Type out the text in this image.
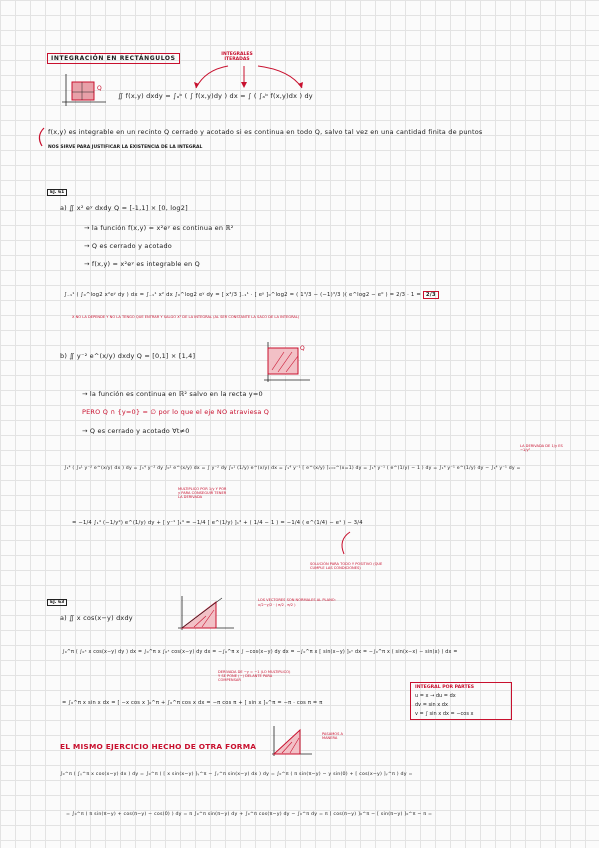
INTEGRACIÓN EN RECTÁNGULOS
INTEGRALES ITERADAS
Q
∬ f(x,y) dxdy = ∫ₐᵇ ( ∫ f(x,y)dy ) dx = ∫ ( ∫ₐᵇ f(x,y)dx ) dy
f(x,y) es integrable en un recinto Q cerrado y acotado si es continua en todo Q, salvo tal vez en una cantidad finita de puntos
NOS SIRVE PARA JUSTIFICAR LA EXISTENCIA DE LA INTEGRAL
EJ. 61
a) ∬ x² eʸ dxdy Q = [-1,1] × [0, log2]
→ la función f(x,y) = x²eʸ es continua en ℝ²
→ Q es cerrado y acotado
→ f(x,y) = x²eʸ es integrable en Q
∫₋₁¹ ( ∫₀^log2 x²eʸ dy ) dx = ∫₋₁¹ x² dx ∫₀^log2 eʸ dy = [ x³/3 ]₋₁¹ · [ eʸ ]₀^log2 = ( 1³/3 − (−1)³/3 )( e^log2 − e⁰ ) = 2/3 · 1 = 2/3
X NO LA DEPENDE Y NO LA TENGO QUE ENTRAR Y SALGO X² DE LA INTEGRAL (AL SER CONSTANTE LA SACO DE LA INTEGRAL)
b) ∬ y⁻² e^(x/y) dxdy Q = [0,1] × [1,4]
Q
→ la función es continua en ℝ² salvo en la recta y=0
PERO Q ∩ {y=0} = ∅ por lo que el eje NO atraviesa Q
→ Q es cerrado y acotado ∀t≠0
LA DERIVADA DE 1/y ES −1/y²
∫₁⁴ ( ∫₀¹ y⁻² e^(x/y) dx ) dy = ∫₁⁴ y⁻² dy ∫₀¹ e^(x/y) dx = ∫ y⁻² dy ∫₀¹ (1/y) e^(x/y) dx = ∫₁⁴ y⁻¹ [ e^(x/y) ]ₓ₌₀^(x=1) dy = ∫₁⁴ y⁻¹ ( e^(1/y) − 1 ) dy = ∫₁⁴ y⁻¹ e^(1/y) dy − ∫₁⁴ y⁻¹ dy =
MULTIPLICO POR 1/y Y POR y PARA CONSEGUIR TENER LA DERIVADA
= −1/4 ∫₁⁴ (−1/y²) e^(1/y) dy + [ y⁻¹ ]₁⁴ = −1/4 [ e^(1/y) ]₁⁴ + ( 1/4 − 1 ) = −1/4 ( e^(1/4) − e¹ ) − 3/4
SOLUCIÓN PARA TODO Y POSITIVO (QUE CUMPLE LAS CONDICIONES)
EJ. 63
a) ∬ x cos(x−y) dxdy
LOS VECTORES SON NORMALES AL PLANO: x/2−y/2 · ( π/2 , π/2 )
∫₀^π ( ∫₀ˣ x cos(x−y) dy ) dx = ∫₀^π x ∫₀ˣ cos(x−y) dy dx = −∫₀^π x ∫ −cos(x−y) dy dx = −∫₀^π x [ sin(x−y) ]₀ˣ dx = −∫₀^π x ( sin(x−x) − sin(x) ) dx =
DERIVADA DE −y = −1 (LO MULTIPLICO) Y SE PONE (−) DELANTE PARA COMPENSAR
= ∫₀^π x sin x dx = [ −x cos x ]₀^π + ∫₀^π cos x dx = −π cos π + [ sin x ]₀^π = −π · cos π = π
INTEGRAL POR PARTES
u = x → du = dx
dv = sin x dx
v = ∫ sin x dx = −cos x
EL MISMO EJERCICIO HECHO DE OTRA FORMA
PASAMOS A MANERA
∫₀^π ( ∫ᵧ^π x cos(x−y) dx ) dy = ∫₀^π ( [ x sin(x−y) ]ᵧ^π − ∫ᵧ^π sin(x−y) dx ) dy = ∫₀^π ( π sin(π−y) − y sin(0) + [ cos(x−y) ]ᵧ^π ) dy =
= ∫₀^π ( π sin(π−y) + cos(π−y) − cos(0) ) dy = π ∫₀^π sin(π−y) dy + ∫₀^π cos(π−y) dy − ∫₀^π dy = π [ cos(π−y) ]₀^π − [ sin(π−y) ]₀^π − π =
